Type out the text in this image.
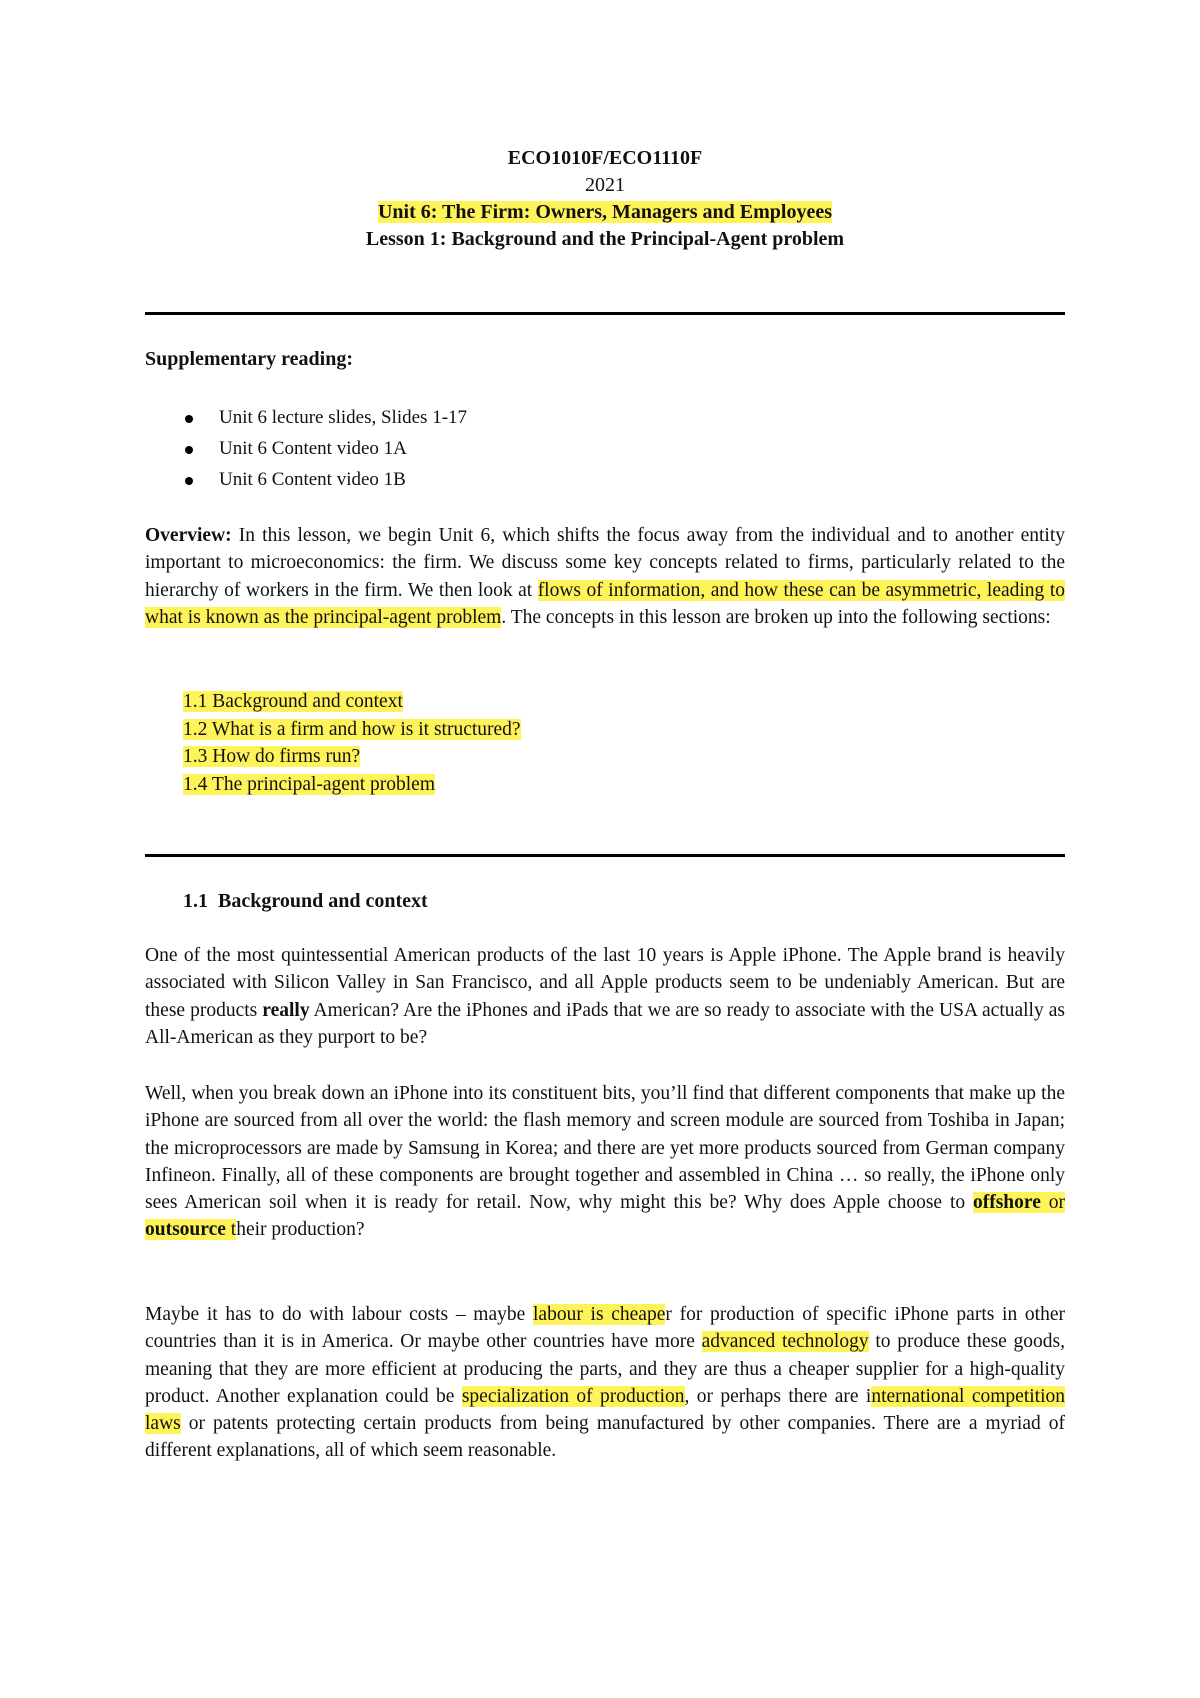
ECO1010F/ECO1110F
2021
Unit 6: The Firm: Owners, Managers and Employees
Lesson 1: Background and the Principal-Agent problem
Supplementary reading:
Unit 6 lecture slides, Slides 1-17
Unit 6 Content video 1A
Unit 6 Content video 1B

Overview: In this lesson, we begin Unit 6, which shifts the focus away from the individual and to another entity important to microeconomics: the firm. We discuss some key concepts related to firms, particularly related to the hierarchy of workers in the firm. We then look at flows of information, and how these can be asymmetric, leading to what is known as the principal-agent problem. The concepts in this lesson are broken up into the following sections:

1.1 Background and context
1.2 What is a firm and how is it structured?
1.3 How do firms run?
1.4 The principal-agent problem
1.1 Background and context

One of the most quintessential American products of the last 10 years is Apple iPhone. The Apple brand is heavily associated with Silicon Valley in San Francisco, and all Apple products seem to be undeniably American. But are these products really American? Are the iPhones and iPads that we are so ready to associate with the USA actually as All-American as they purport to be?

Well, when you break down an iPhone into its constituent bits, you’ll find that different components that make up the iPhone are sourced from all over the world: the flash memory and screen module are sourced from Toshiba in Japan; the microprocessors are made by Samsung in Korea; and there are yet more products sourced from German company Infineon. Finally, all of these components are brought together and assembled in China … so really, the iPhone only sees American soil when it is ready for retail. Now, why might this be? Why does Apple choose to offshore or outsource their production?

Maybe it has to do with labour costs – maybe labour is cheaper for production of specific iPhone parts in other countries than it is in America. Or maybe other countries have more advanced technology to produce these goods, meaning that they are more efficient at producing the parts, and they are thus a cheaper supplier for a high-quality product. Another explanation could be specialization of production, or perhaps there are international competition laws or patents protecting certain products from being manufactured by other companies. There are a myriad of different explanations, all of which seem reasonable.
